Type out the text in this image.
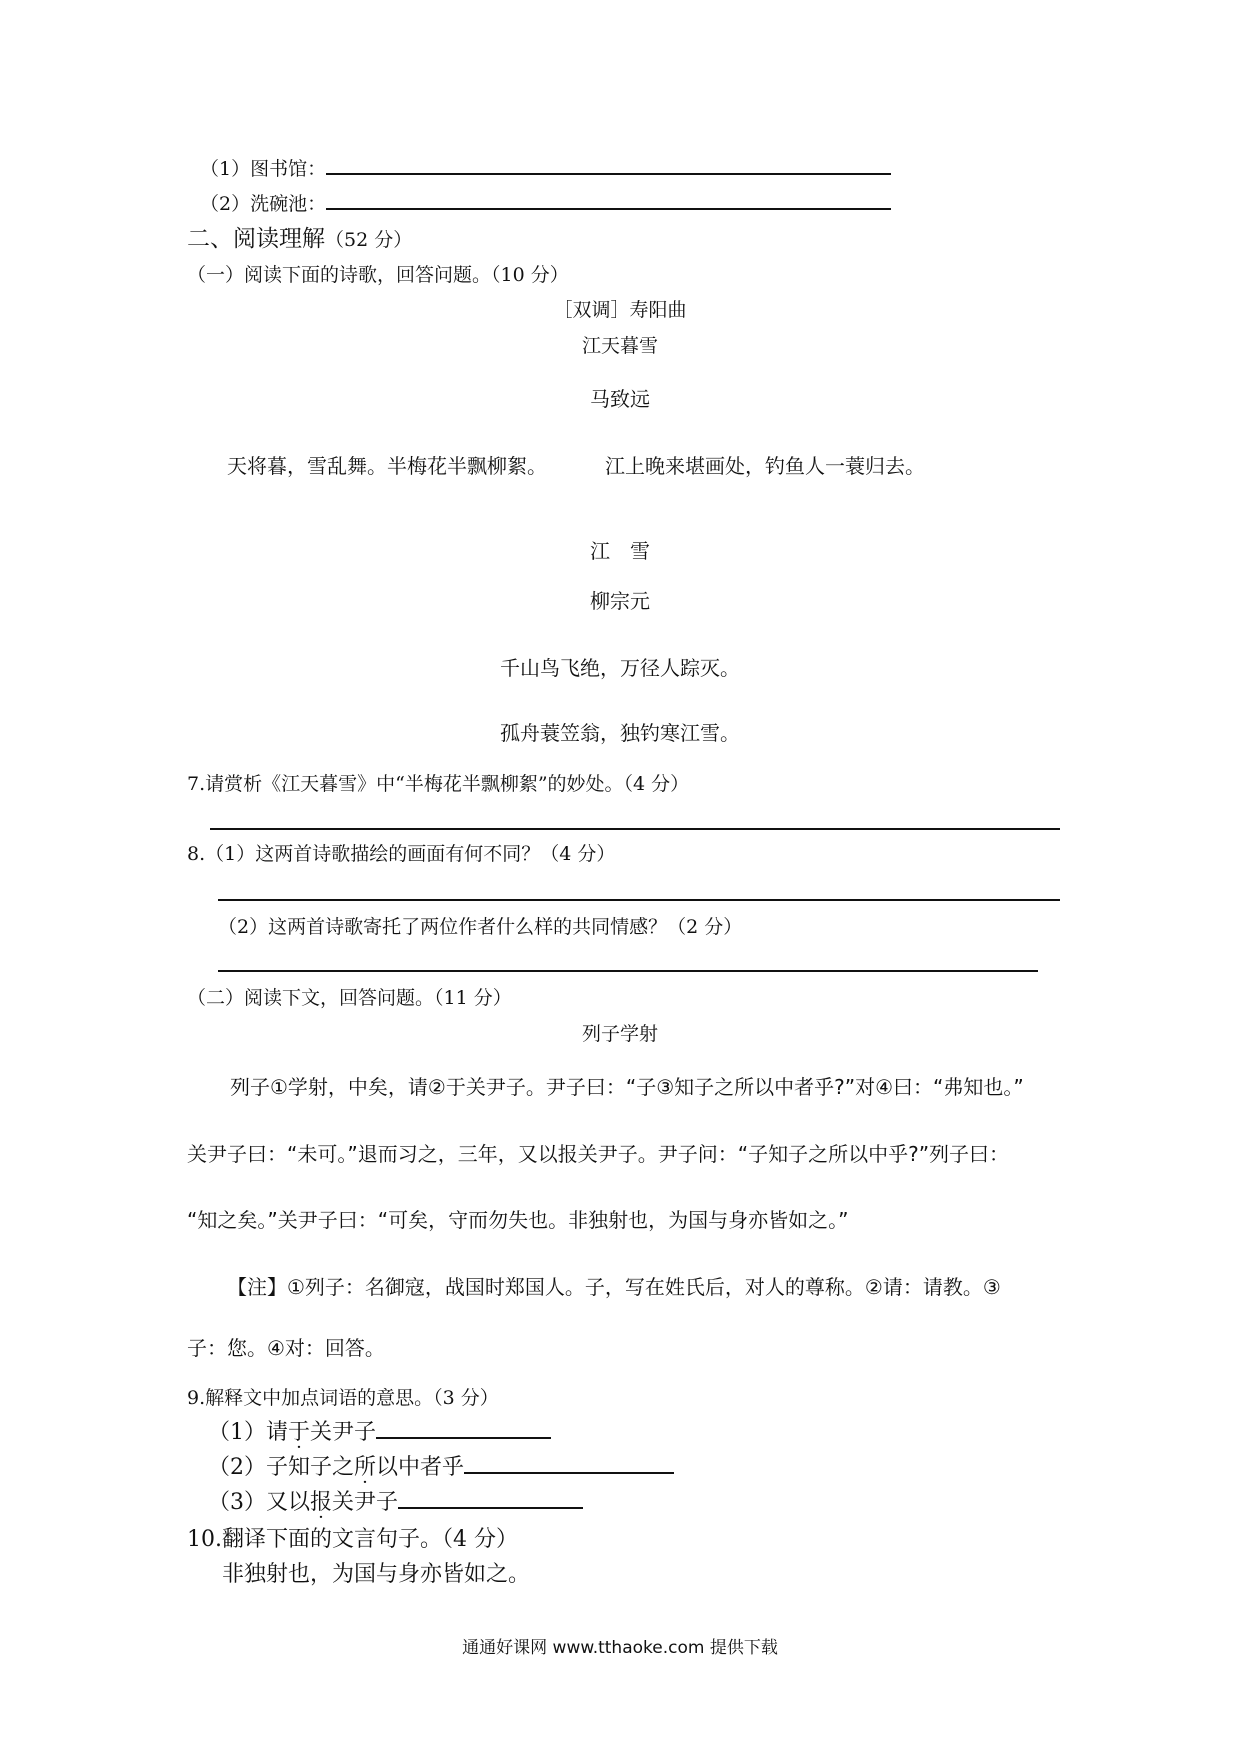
（1）图书馆：
（2）洗碗池：
二、阅读理解（52 分）
（一）阅读下面的诗歌，回答问题。（10 分）
［双调］寿阳曲
江天暮雪
马致远
天将暮，雪乱舞。半梅花半飘柳絮。	江上晚来堪画处，钓鱼人一蓑归去。
江　雪
柳宗元
千山鸟飞绝，万径人踪灭。
孤舟蓑笠翁，独钓寒江雪。
7.请赏析《江天暮雪》中“半梅花半飘柳絮”的妙处。（4 分）
8.（1）这两首诗歌描绘的画面有何不同？（4 分）
（2）这两首诗歌寄托了两位作者什么样的共同情感？（2 分）
（二）阅读下文，回答问题。（11 分）
列子学射
列子①学射，中矣，请②于关尹子。尹子曰：“子③知子之所以中者乎?”对④曰：“弗知也。”
关尹子曰：“未可。”退而习之，三年，又以报关尹子。尹子问：“子知子之所以中乎?”列子曰：
“知之矣。”关尹子曰：“可矣，守而勿失也。非独射也，为国与身亦皆如之。”
【注】①列子：名御寇，战国时郑国人。子，写在姓氏后，对人的尊称。②请：请教。③
子：您。④对：回答。
9.解释文中加点词语的意思。（3 分）
（1）请于关尹子
（2）子知子之所以中者乎
（3）又以报关尹子
10.翻译下面的文言句子。（4 分）
非独射也，为国与身亦皆如之。
通通好课网 www.tthaoke.com 提供下载
